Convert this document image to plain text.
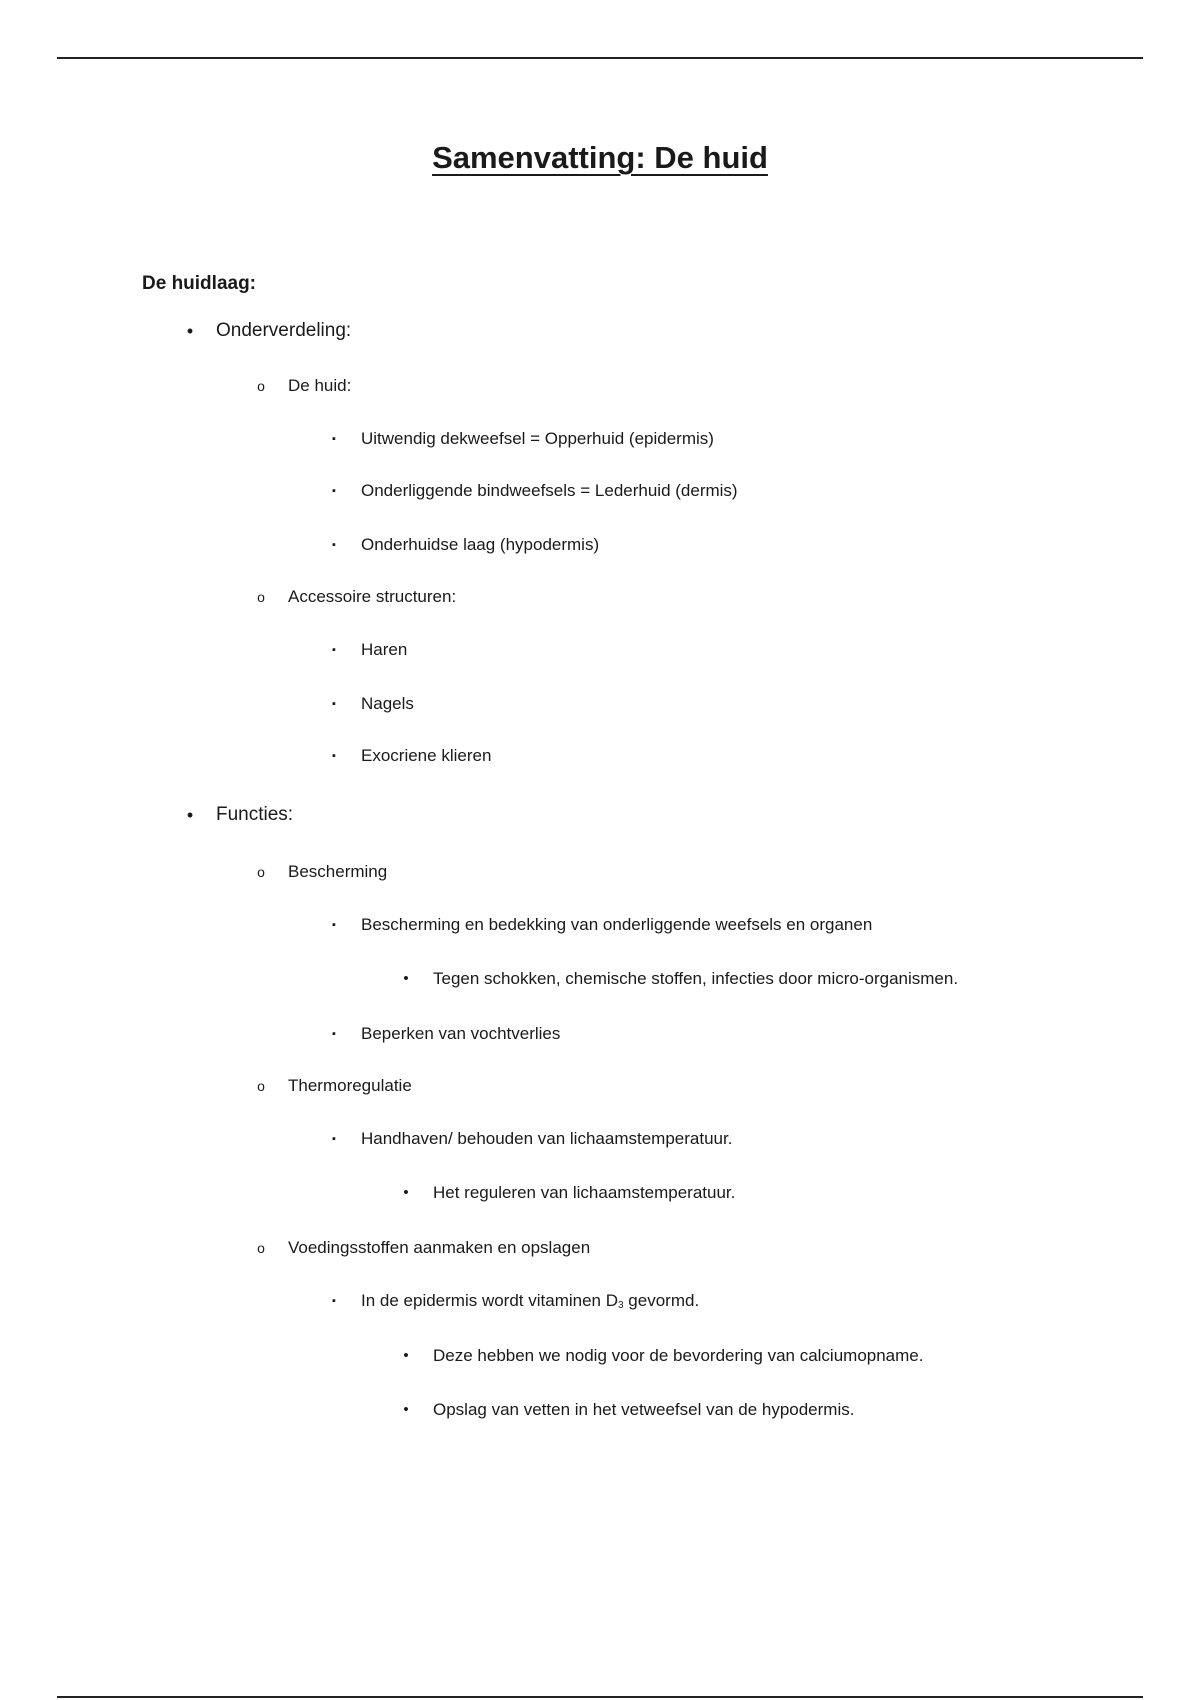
Samenvatting: De huid
De huidlaag:
•	Onderverdeling:
o	De huid:
▪	Uitwendig dekweefsel = Opperhuid (epidermis)
▪	Onderliggende bindweefsels = Lederhuid (dermis)
▪	Onderhuidse laag (hypodermis)
o	Accessoire structuren:
▪	Haren
▪	Nagels
▪	Exocriene klieren
•	Functies:
o	Bescherming
▪	Bescherming en bedekking van onderliggende weefsels en organen
•	Tegen schokken, chemische stoffen, infecties door micro-organismen.
▪	Beperken van vochtverlies
o	Thermoregulatie
▪	Handhaven/ behouden van lichaamstemperatuur.
•	Het reguleren van lichaamstemperatuur.
o	Voedingsstoffen aanmaken en opslagen
▪	In de epidermis wordt vitaminen $D_3$ gevormd.
•	Deze hebben we nodig voor de bevordering van calciumopname.
•	Opslag van vetten in het vetweefsel van de hypodermis.
